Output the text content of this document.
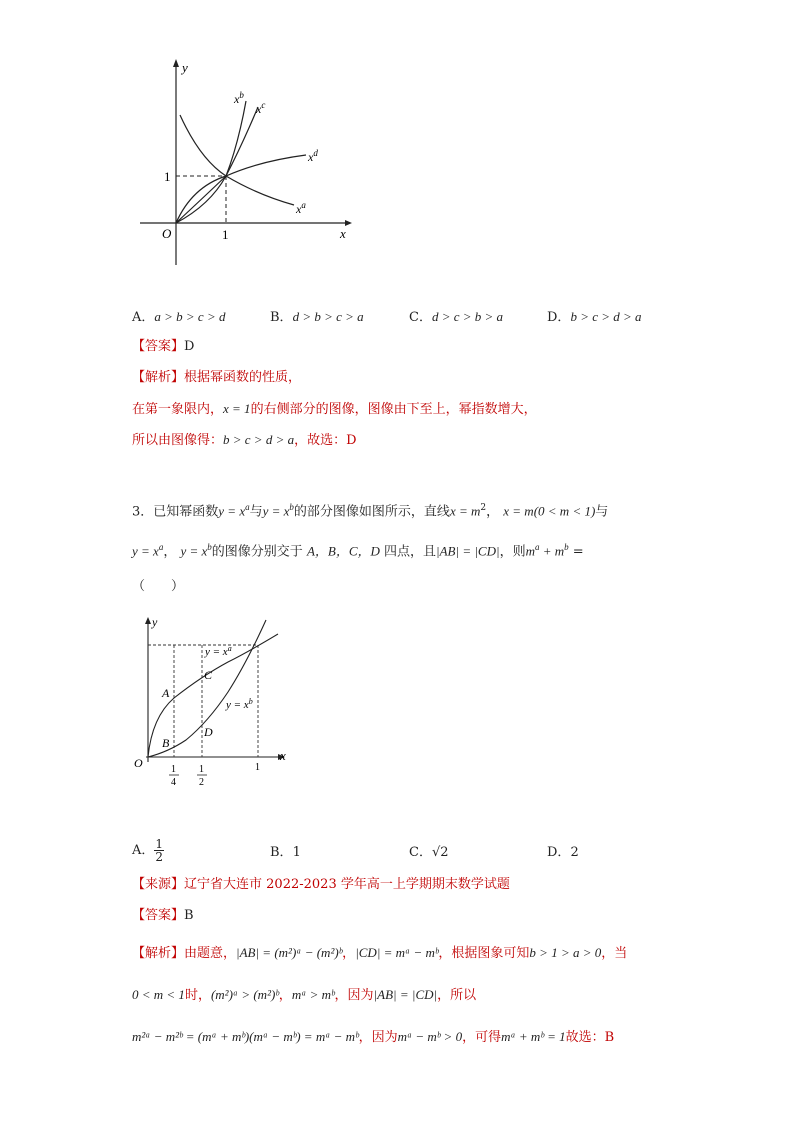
y
x
O	1
1
$x^b$
$x^c$
$x^d$
$x^a$
A．a > b > c > d	B．d > b > c > a	C．d > c > b > a	D．b > c > d > a
【答案】D
【解析】根据幂函数的性质，
在第一象限内，x = 1的右侧部分的图像，图像由下至上，幂指数增大，
所以由图像得：b > c > d > a，故选：D
3．已知幂函数$y = x^a$与$y = x^b$的部分图像如图所示，直线$x = m^2$， x = m(0 < m < 1)与
$y = x^a$， $y = x^b$的图像分别交于 A，B，C，D 四点，且|AB| = |CD|，则$m^a + m^b$ =
（　　）
y
x
O
$y = x^a$
$y = x^b$
A
B
C
D
1
4
1
2
1
A． $\frac{1}{2}$	B．1	C．√2	D．2
【来源】辽宁省大连市 2022-2023 学年高一上学期期末数学试题
【答案】B
【解析】由题意，|AB| = (m²)ᵃ − (m²)ᵇ，|CD| = mᵃ − mᵇ，根据图象可知b > 1 > a > 0，当
0 < m < 1时，(m²)ᵃ > (m²)ᵇ，mᵃ > mᵇ，因为|AB| = |CD|，所以
m²ᵃ − m²ᵇ = (mᵃ + mᵇ)(mᵃ − mᵇ) = mᵃ − mᵇ，因为mᵃ − mᵇ > 0，可得mᵃ + mᵇ = 1故选：B
